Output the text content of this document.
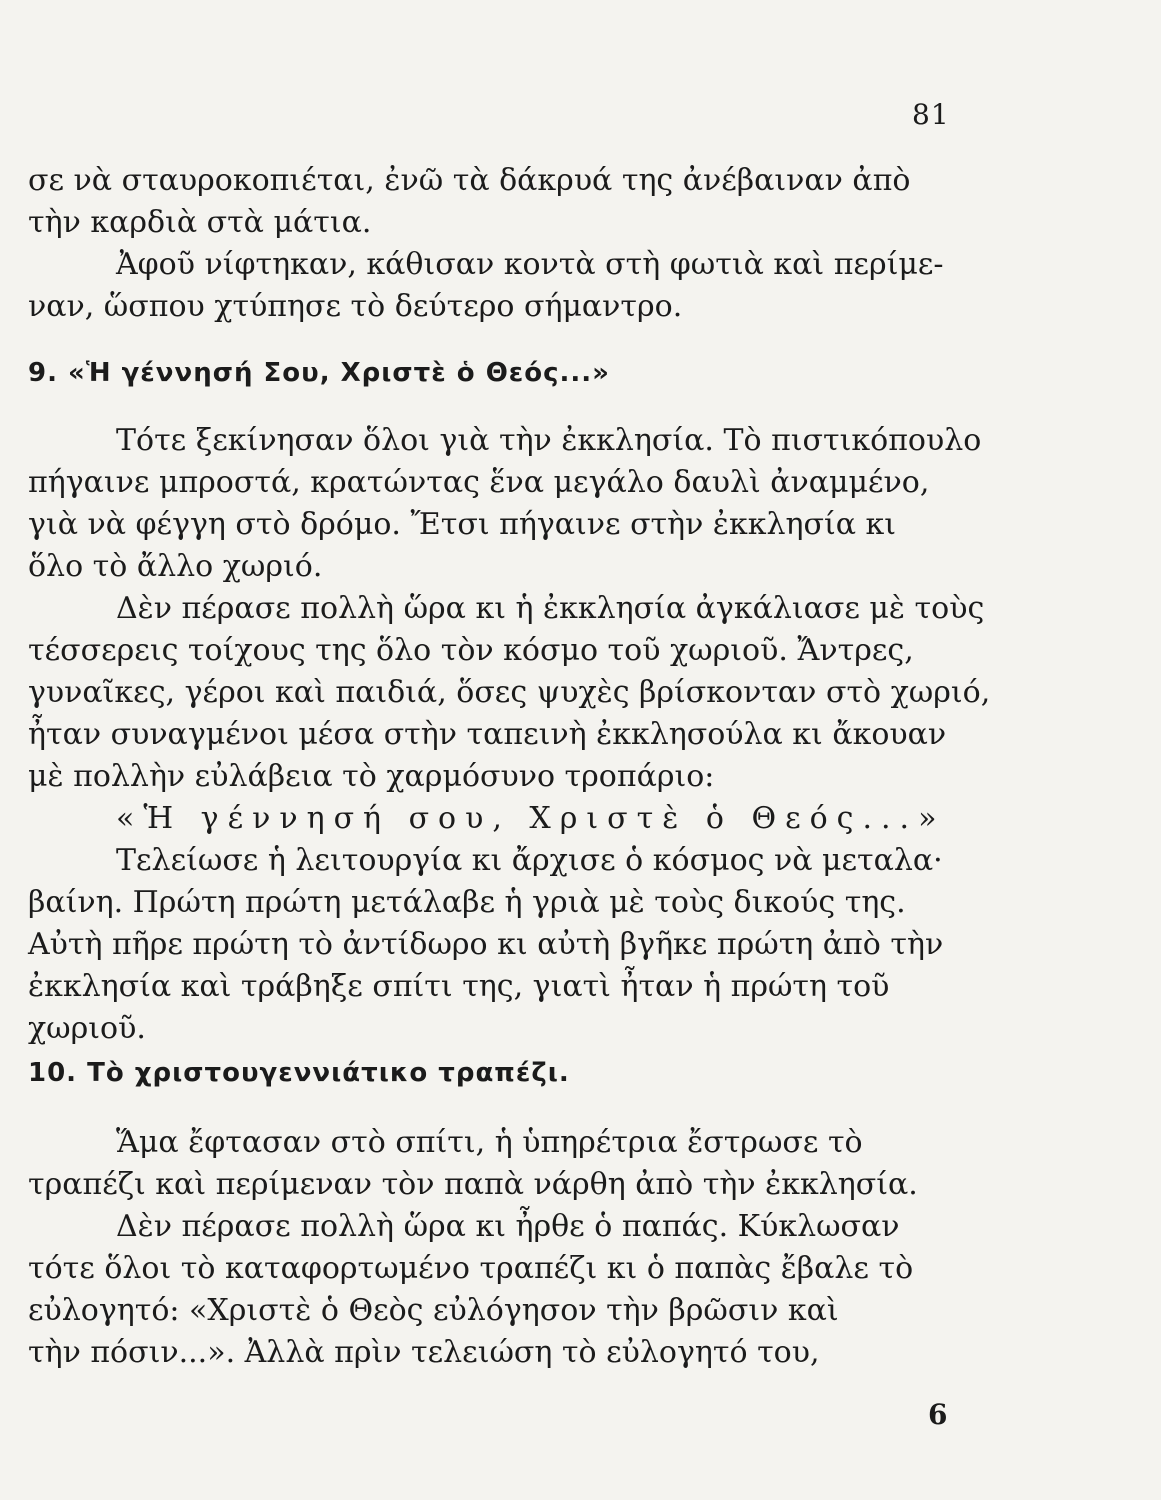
81
σε νὰ σταυροκοπιέται, ἐνῶ τὰ δάκρυά της ἀνέβαιναν ἀπὸ
τὴν καρδιὰ στὰ μάτια.
Ἀφοῦ νίφτηκαν, κάθισαν κοντὰ στὴ φωτιὰ καὶ περίμε-
ναν, ὥσπου χτύπησε τὸ δεύτερο σήμαντρο.
9. «Ἡ γέννησή Σου, Χριστὲ ὁ Θεός...»
Τότε ξεκίνησαν ὅλοι γιὰ τὴν ἐκκλησία. Τὸ πιστικόπουλο
πήγαινε μπροστά, κρατώντας ἕνα μεγάλο δαυλὶ ἀναμμένο,
γιὰ νὰ φέγγη στὸ δρόμο. Ἔτσι πήγαινε στὴν ἐκκλησία κι
ὅλο τὸ ἄλλο χωριό.
Δὲν πέρασε πολλὴ ὥρα κι ἡ ἐκκλησία ἀγκάλιασε μὲ τοὺς
τέσσερεις τοίχους της ὅλο τὸν κόσμο τοῦ χωριοῦ. Ἄντρες,
γυναῖκες, γέροι καὶ παιδιά, ὅσες ψυχὲς βρίσκονταν στὸ χωριό,
ἦταν συναγμένοι μέσα στὴν ταπεινὴ ἐκκλησούλα κι ἄκουαν
μὲ πολλὴν εὐλάβεια τὸ χαρμόσυνο τροπάριο:
«Ἡ γέννησή σου, Χριστὲ ὁ Θεός...»
Τελείωσε ἡ λειτουργία κι ἄρχισε ὁ κόσμος νὰ μεταλα·
βαίνη. Πρώτη πρώτη μετάλαβε ἡ γριὰ μὲ τοὺς δικούς της.
Αὐτὴ πῆρε πρώτη τὸ ἀντίδωρο κι αὐτὴ βγῆκε πρώτη ἀπὸ τὴν
ἐκκλησία καὶ τράβηξε σπίτι της, γιατὶ ἦταν ἡ πρώτη τοῦ
χωριοῦ.
10. Τὸ χριστουγεννιάτικο τραπέζι.
Ἅμα ἔφτασαν στὸ σπίτι, ἡ ὑπηρέτρια ἔστρωσε τὸ
τραπέζι καὶ περίμεναν τὸν παπὰ νάρθη ἀπὸ τὴν ἐκκλησία.
Δὲν πέρασε πολλὴ ὥρα κι ἦρθε ὁ παπάς. Κύκλωσαν
τότε ὅλοι τὸ καταφορτωμένο τραπέζι κι ὁ παπὰς ἔβαλε τὸ
εὐλογητό: «Χριστὲ ὁ Θεὸς εὐλόγησον τὴν βρῶσιν καὶ
τὴν πόσιν...». Ἀλλὰ πρὶν τελειώση τὸ εὐλογητό του,
6
